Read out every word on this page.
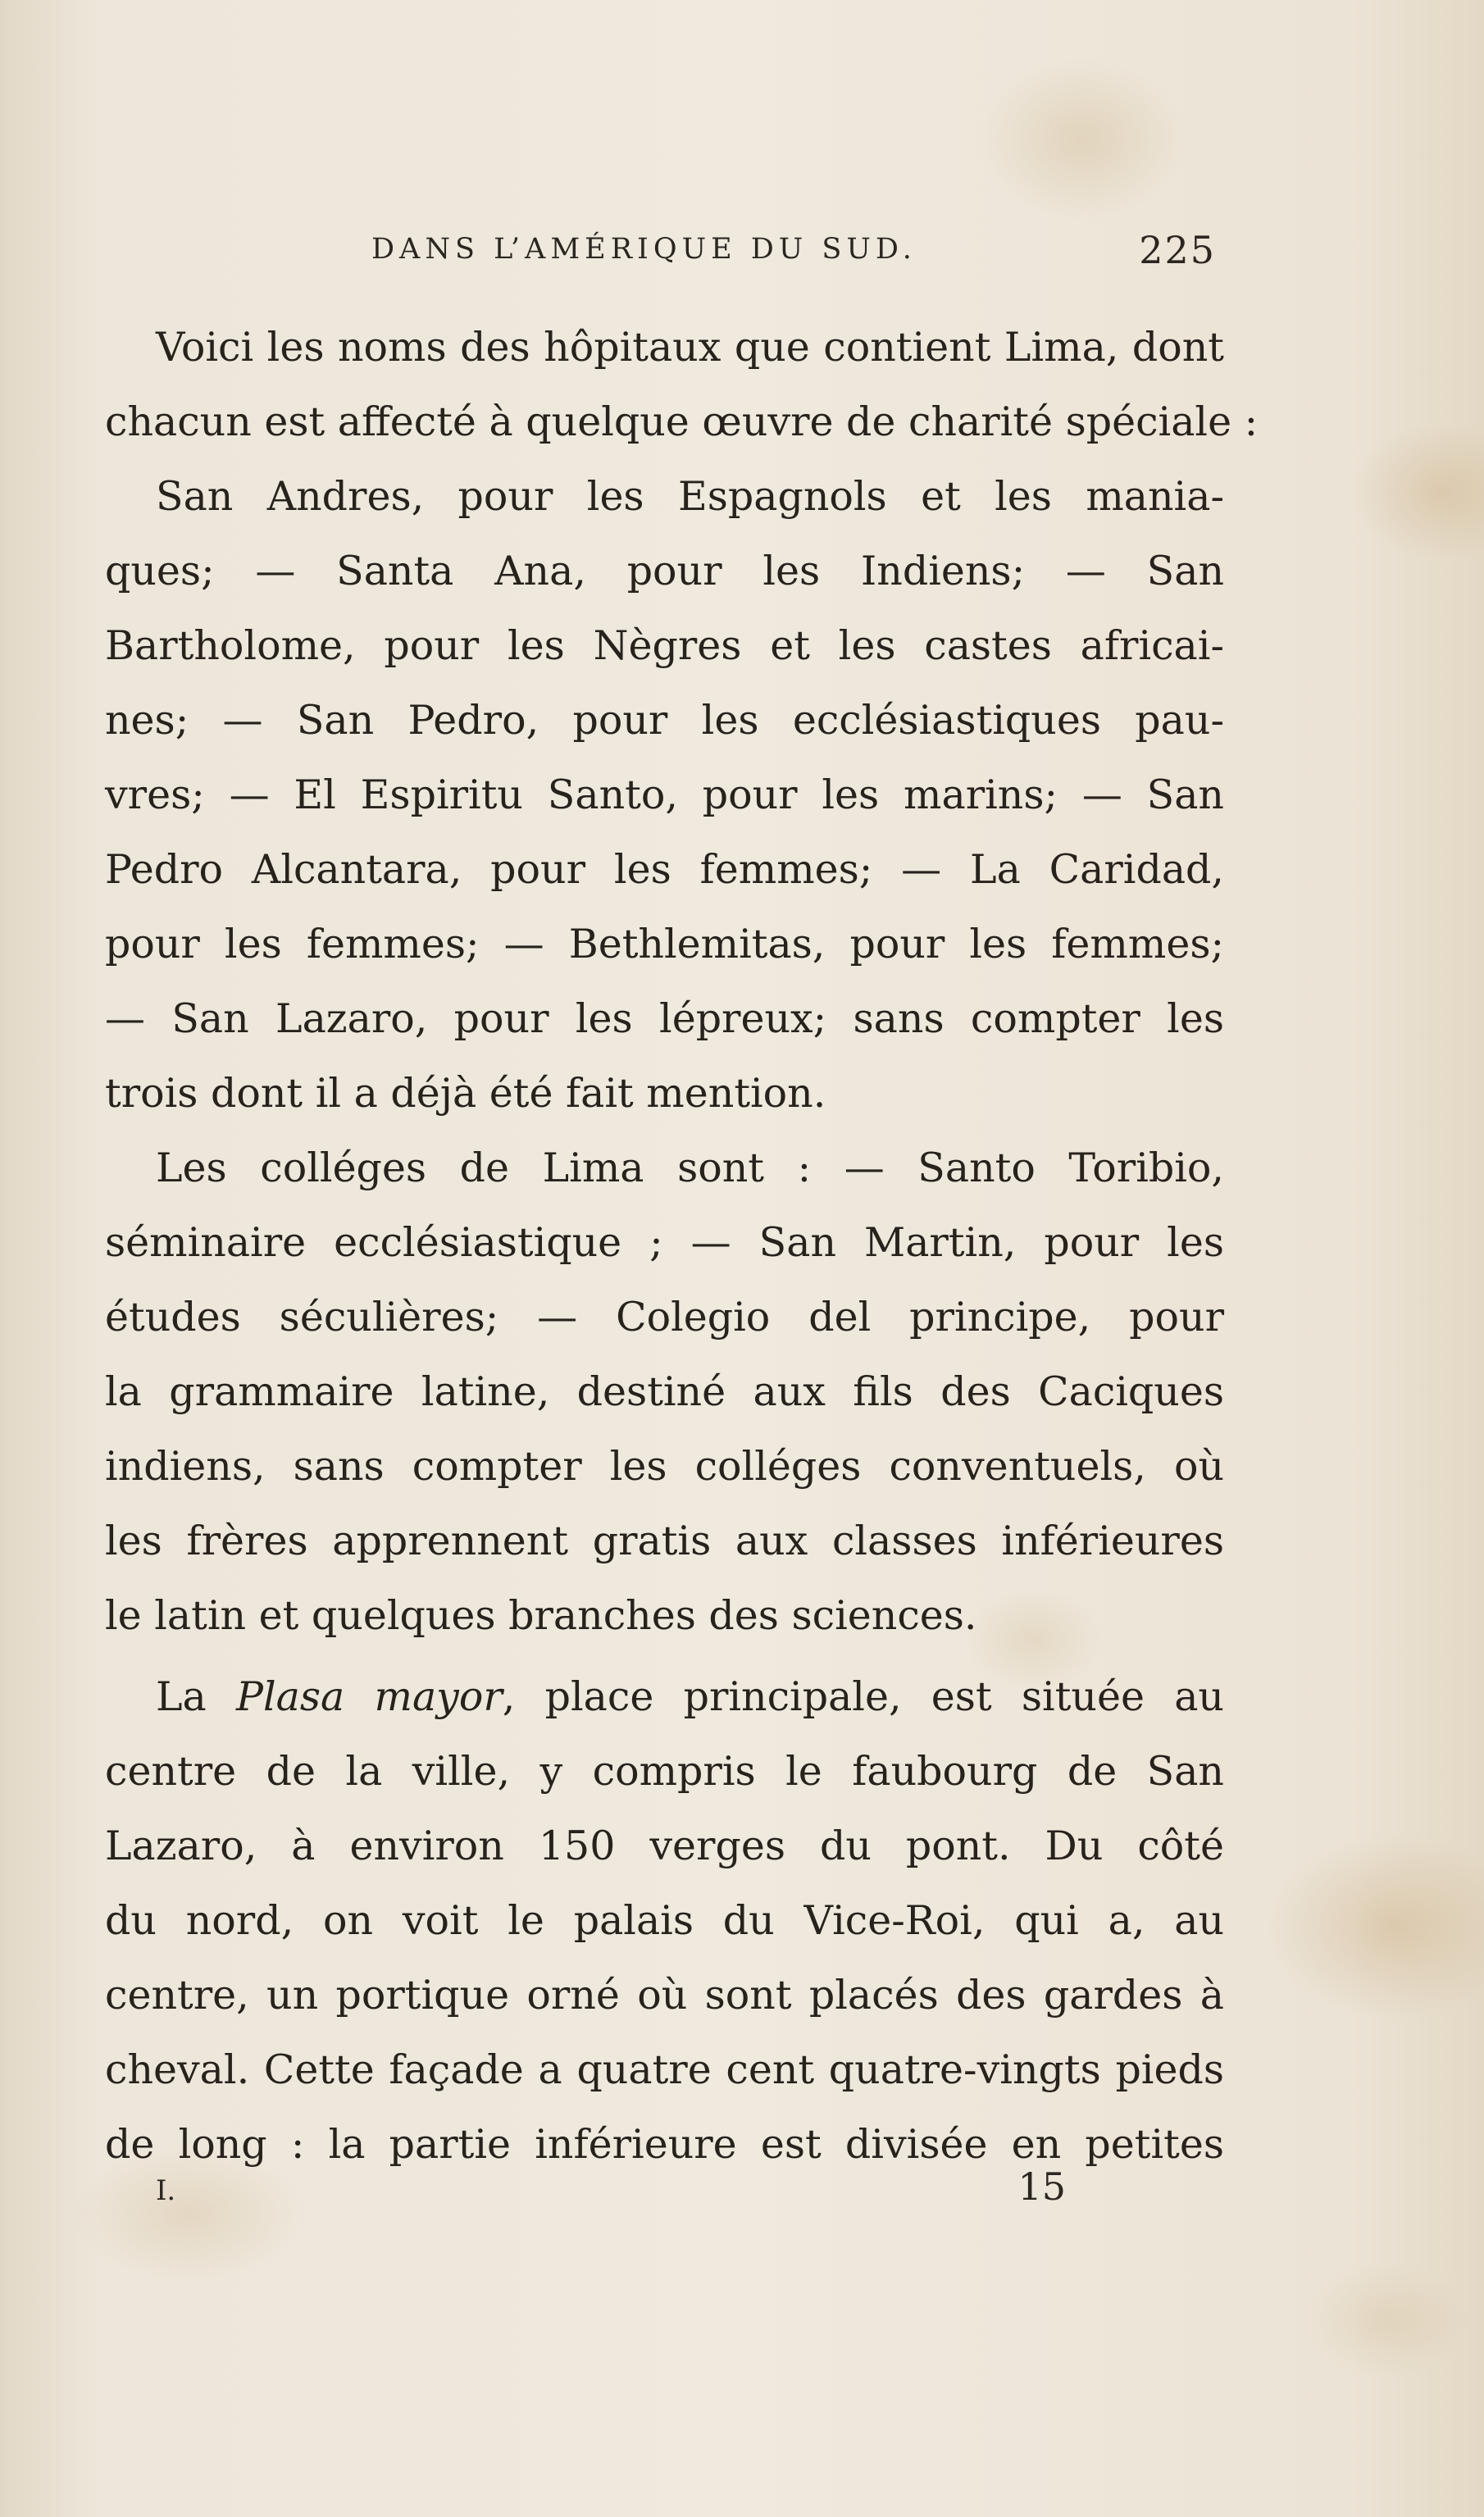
DANS L’AMÉRIQUE DU SUD.	225
Voici les noms des hôpitaux que contient Lima, dont
chacun est affecté à quelque œuvre de charité spéciale :
San Andres, pour les Espagnols et les mania-
ques; — Santa Ana, pour les Indiens; — San
Bartholome, pour les Nègres et les castes africai-
nes; — San Pedro, pour les ecclésiastiques pau-
vres; — El Espiritu Santo, pour les marins; — San
Pedro Alcantara, pour les femmes; — La Caridad,
pour les femmes; — Bethlemitas, pour les femmes;
— San Lazaro, pour les lépreux; sans compter les
trois dont il a déjà été fait mention.
Les colléges de Lima sont : — Santo Toribio,
séminaire ecclésiastique ; — San Martin, pour les
études séculières; — Colegio del principe, pour
la grammaire latine, destiné aux fils des Caciques
indiens, sans compter les colléges conventuels, où
les frères apprennent gratis aux classes inférieures
le latin et quelques branches des sciences.
La Plasa mayor, place principale, est située au
centre de la ville, y compris le faubourg de San
Lazaro, à environ 150 verges du pont. Du côté
du nord, on voit le palais du Vice-Roi, qui a, au
centre, un portique orné où sont placés des gardes à
cheval. Cette façade a quatre cent quatre-vingts pieds
de long : la partie inférieure est divisée en petites
I.	15
